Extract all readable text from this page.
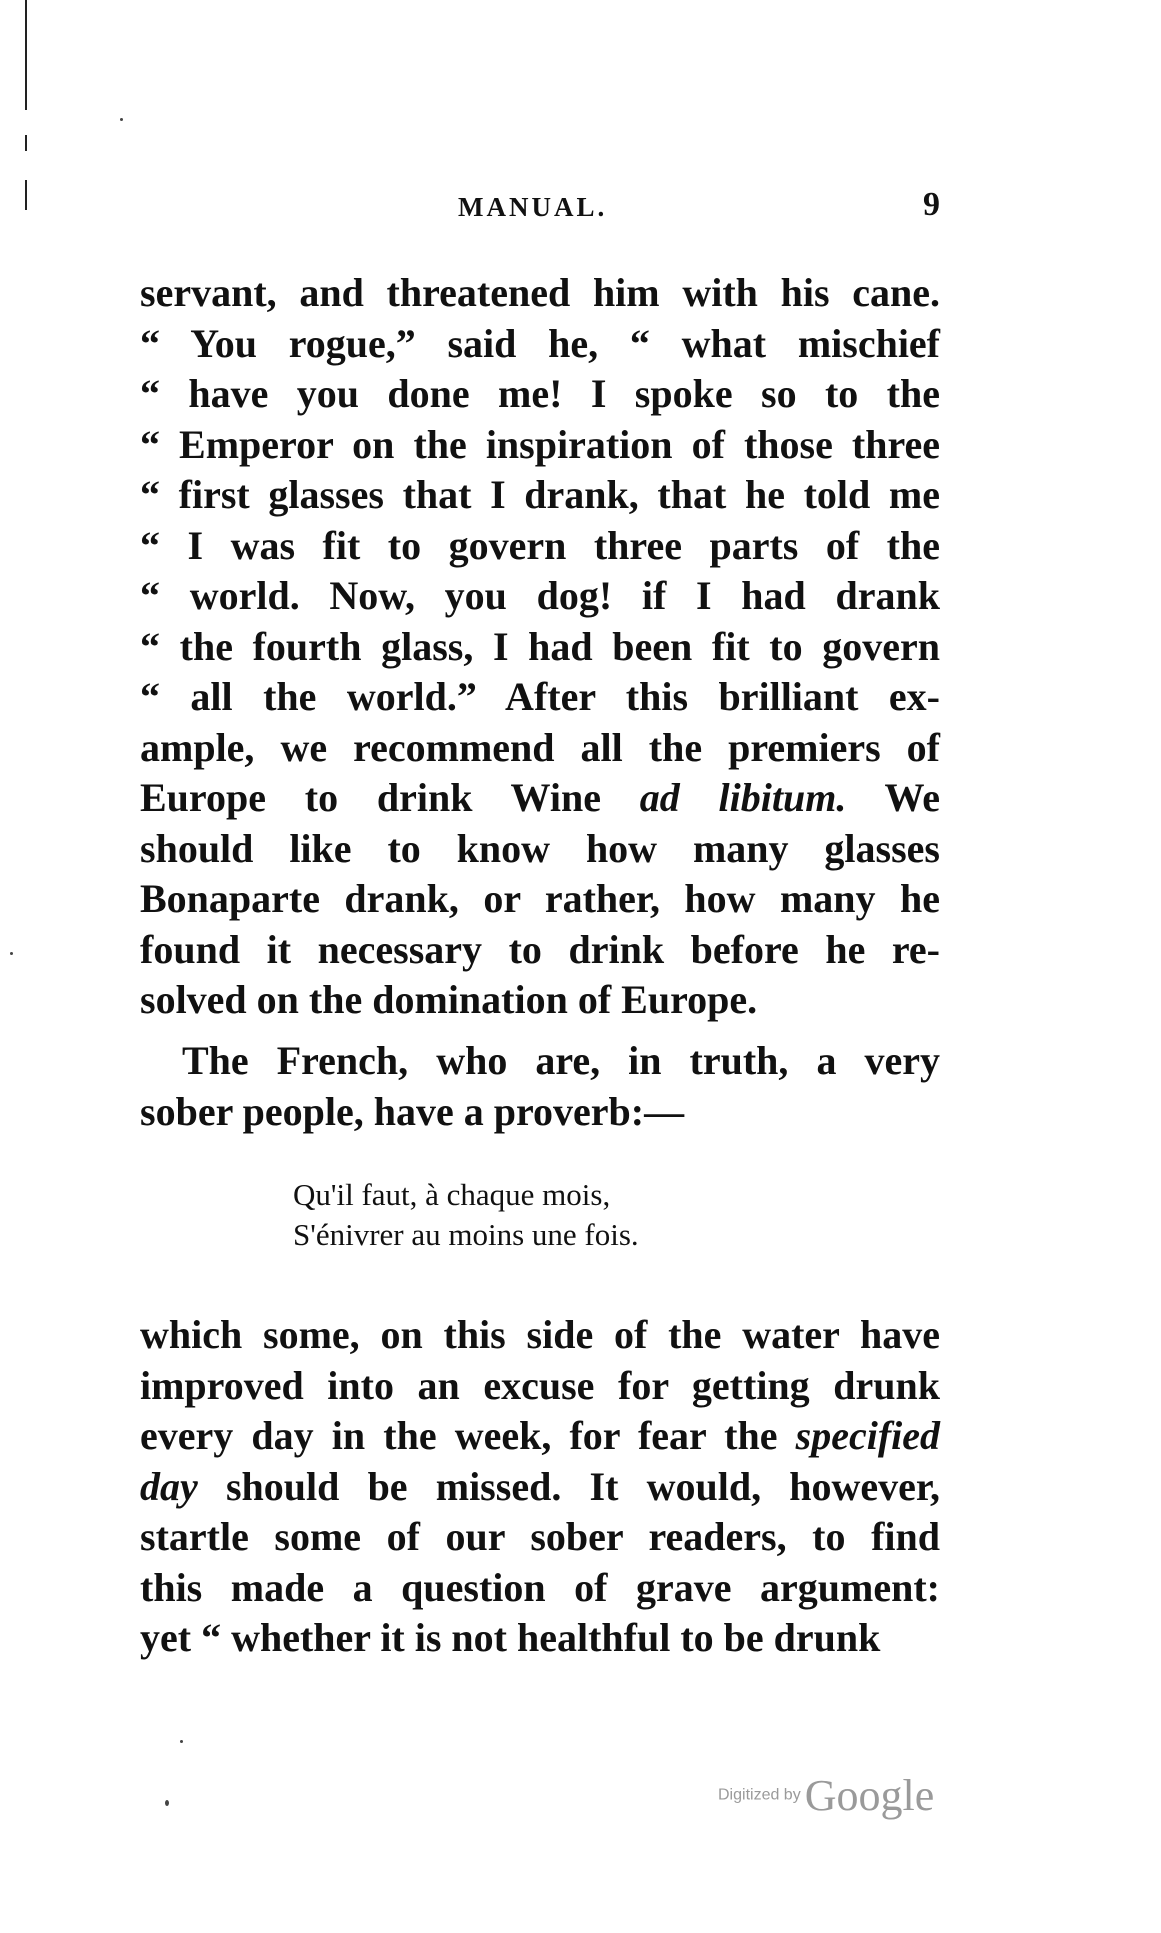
MANUAL.	9
servant, and threatened him with his cane.
“ You rogue,” said he, “ what mischief
“ have you done me! I spoke so to the
“ Emperor on the inspiration of those three
“ first glasses that I drank, that he told me
“ I was fit to govern three parts of the
“ world. Now, you dog! if I had drank
“ the fourth glass, I had been fit to govern
“ all the world.” After this brilliant ex-
ample, we recommend all the premiers of
Europe to drink Wine ad libitum. We
should like to know how many glasses
Bonaparte drank, or rather, how many he
found it necessary to drink before he re-
solved on the domination of Europe.
The French, who are, in truth, a very
sober people, have a proverb:—
Qu'il faut, à chaque mois,
S'énivrer au moins une fois.
which some, on this side of the water have
improved into an excuse for getting drunk
every day in the week, for fear the specified
day should be missed. It would, however,
startle some of our sober readers, to find
this made a question of grave argument:
yet “ whether it is not healthful to be drunk
Digitized by Google
